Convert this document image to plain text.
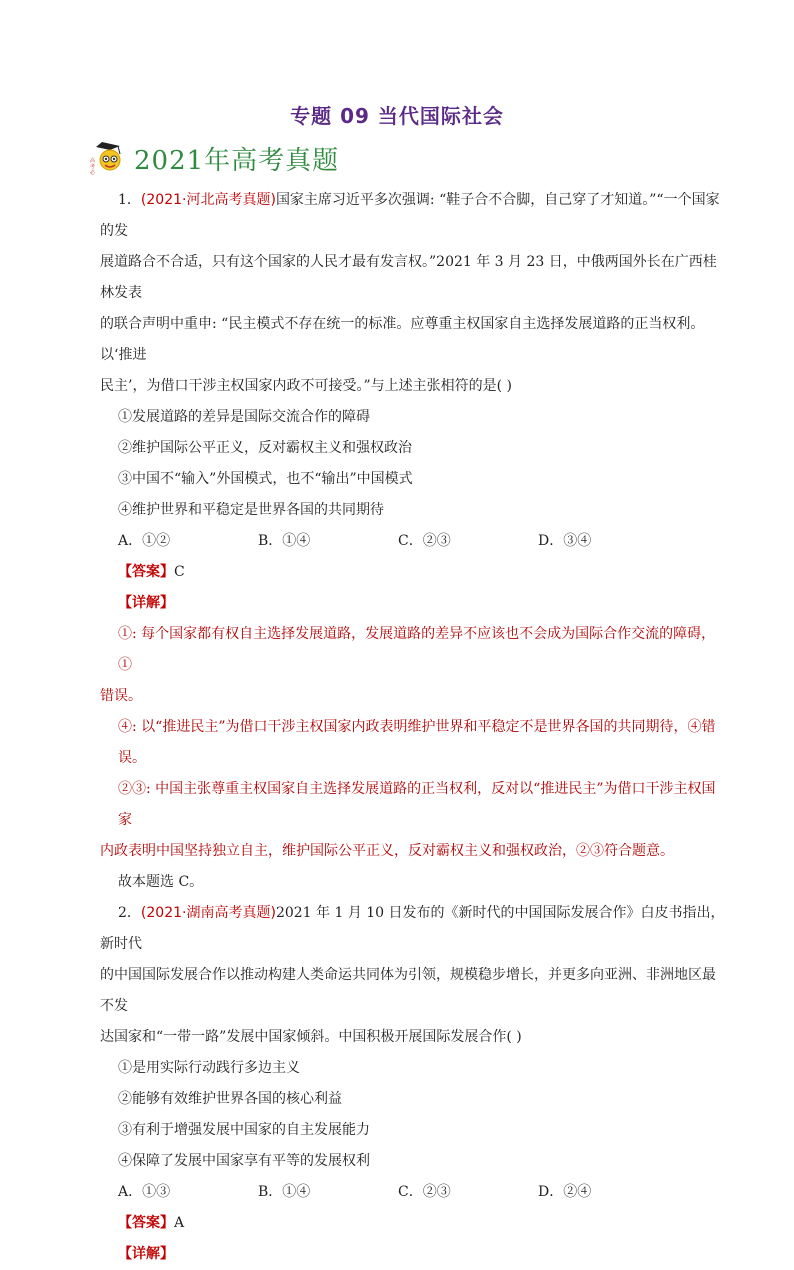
专题 09 当代国际社会
高
考
必 2021年高考真题
1．(2021·河北高考真题)国家主席习近平多次强调: “鞋子合不合脚，自己穿了才知道。”“一个国家的发
展道路合不合适，只有这个国家的人民才最有发言权。”2021 年 3 月 23 日，中俄两国外长在广西桂林发表
的联合声明中重申: “民主模式不存在统一的标准。应尊重主权国家自主选择发展道路的正当权利。以‘推进
民主’，为借口干涉主权国家内政不可接受。”与上述主张相符的是( )
①发展道路的差异是国际交流合作的障碍
②维护国际公平正义，反对霸权主义和强权政治
③中国不“输入”外国模式，也不“输出”中国模式
④维护世界和平稳定是世界各国的共同期待
A．①②	B．①④	C．②③	D．③④
【答案】C
【详解】
①: 每个国家都有权自主选择发展道路，发展道路的差异不应该也不会成为国际合作交流的障碍，①
错误。
④: 以“推进民主”为借口干涉主权国家内政表明维护世界和平稳定不是世界各国的共同期待，④错误。
②③: 中国主张尊重主权国家自主选择发展道路的正当权利，反对以“推进民主”为借口干涉主权国家
内政表明中国坚持独立自主，维护国际公平正义，反对霸权主义和强权政治，②③符合题意。
故本题选 C。
2．(2021·湖南高考真题)2021 年 1 月 10 日发布的《新时代的中国国际发展合作》白皮书指出，新时代
的中国国际发展合作以推动构建人类命运共同体为引领，规模稳步增长，并更多向亚洲、非洲地区最不发
达国家和“一带一路”发展中国家倾斜。中国积极开展国际发展合作( )
①是用实际行动践行多边主义
②能够有效维护世界各国的核心利益
③有利于增强发展中国家的自主发展能力
④保障了发展中国家享有平等的发展权利
A．①③	B．①④	C．②③	D．②④
【答案】A
【详解】
